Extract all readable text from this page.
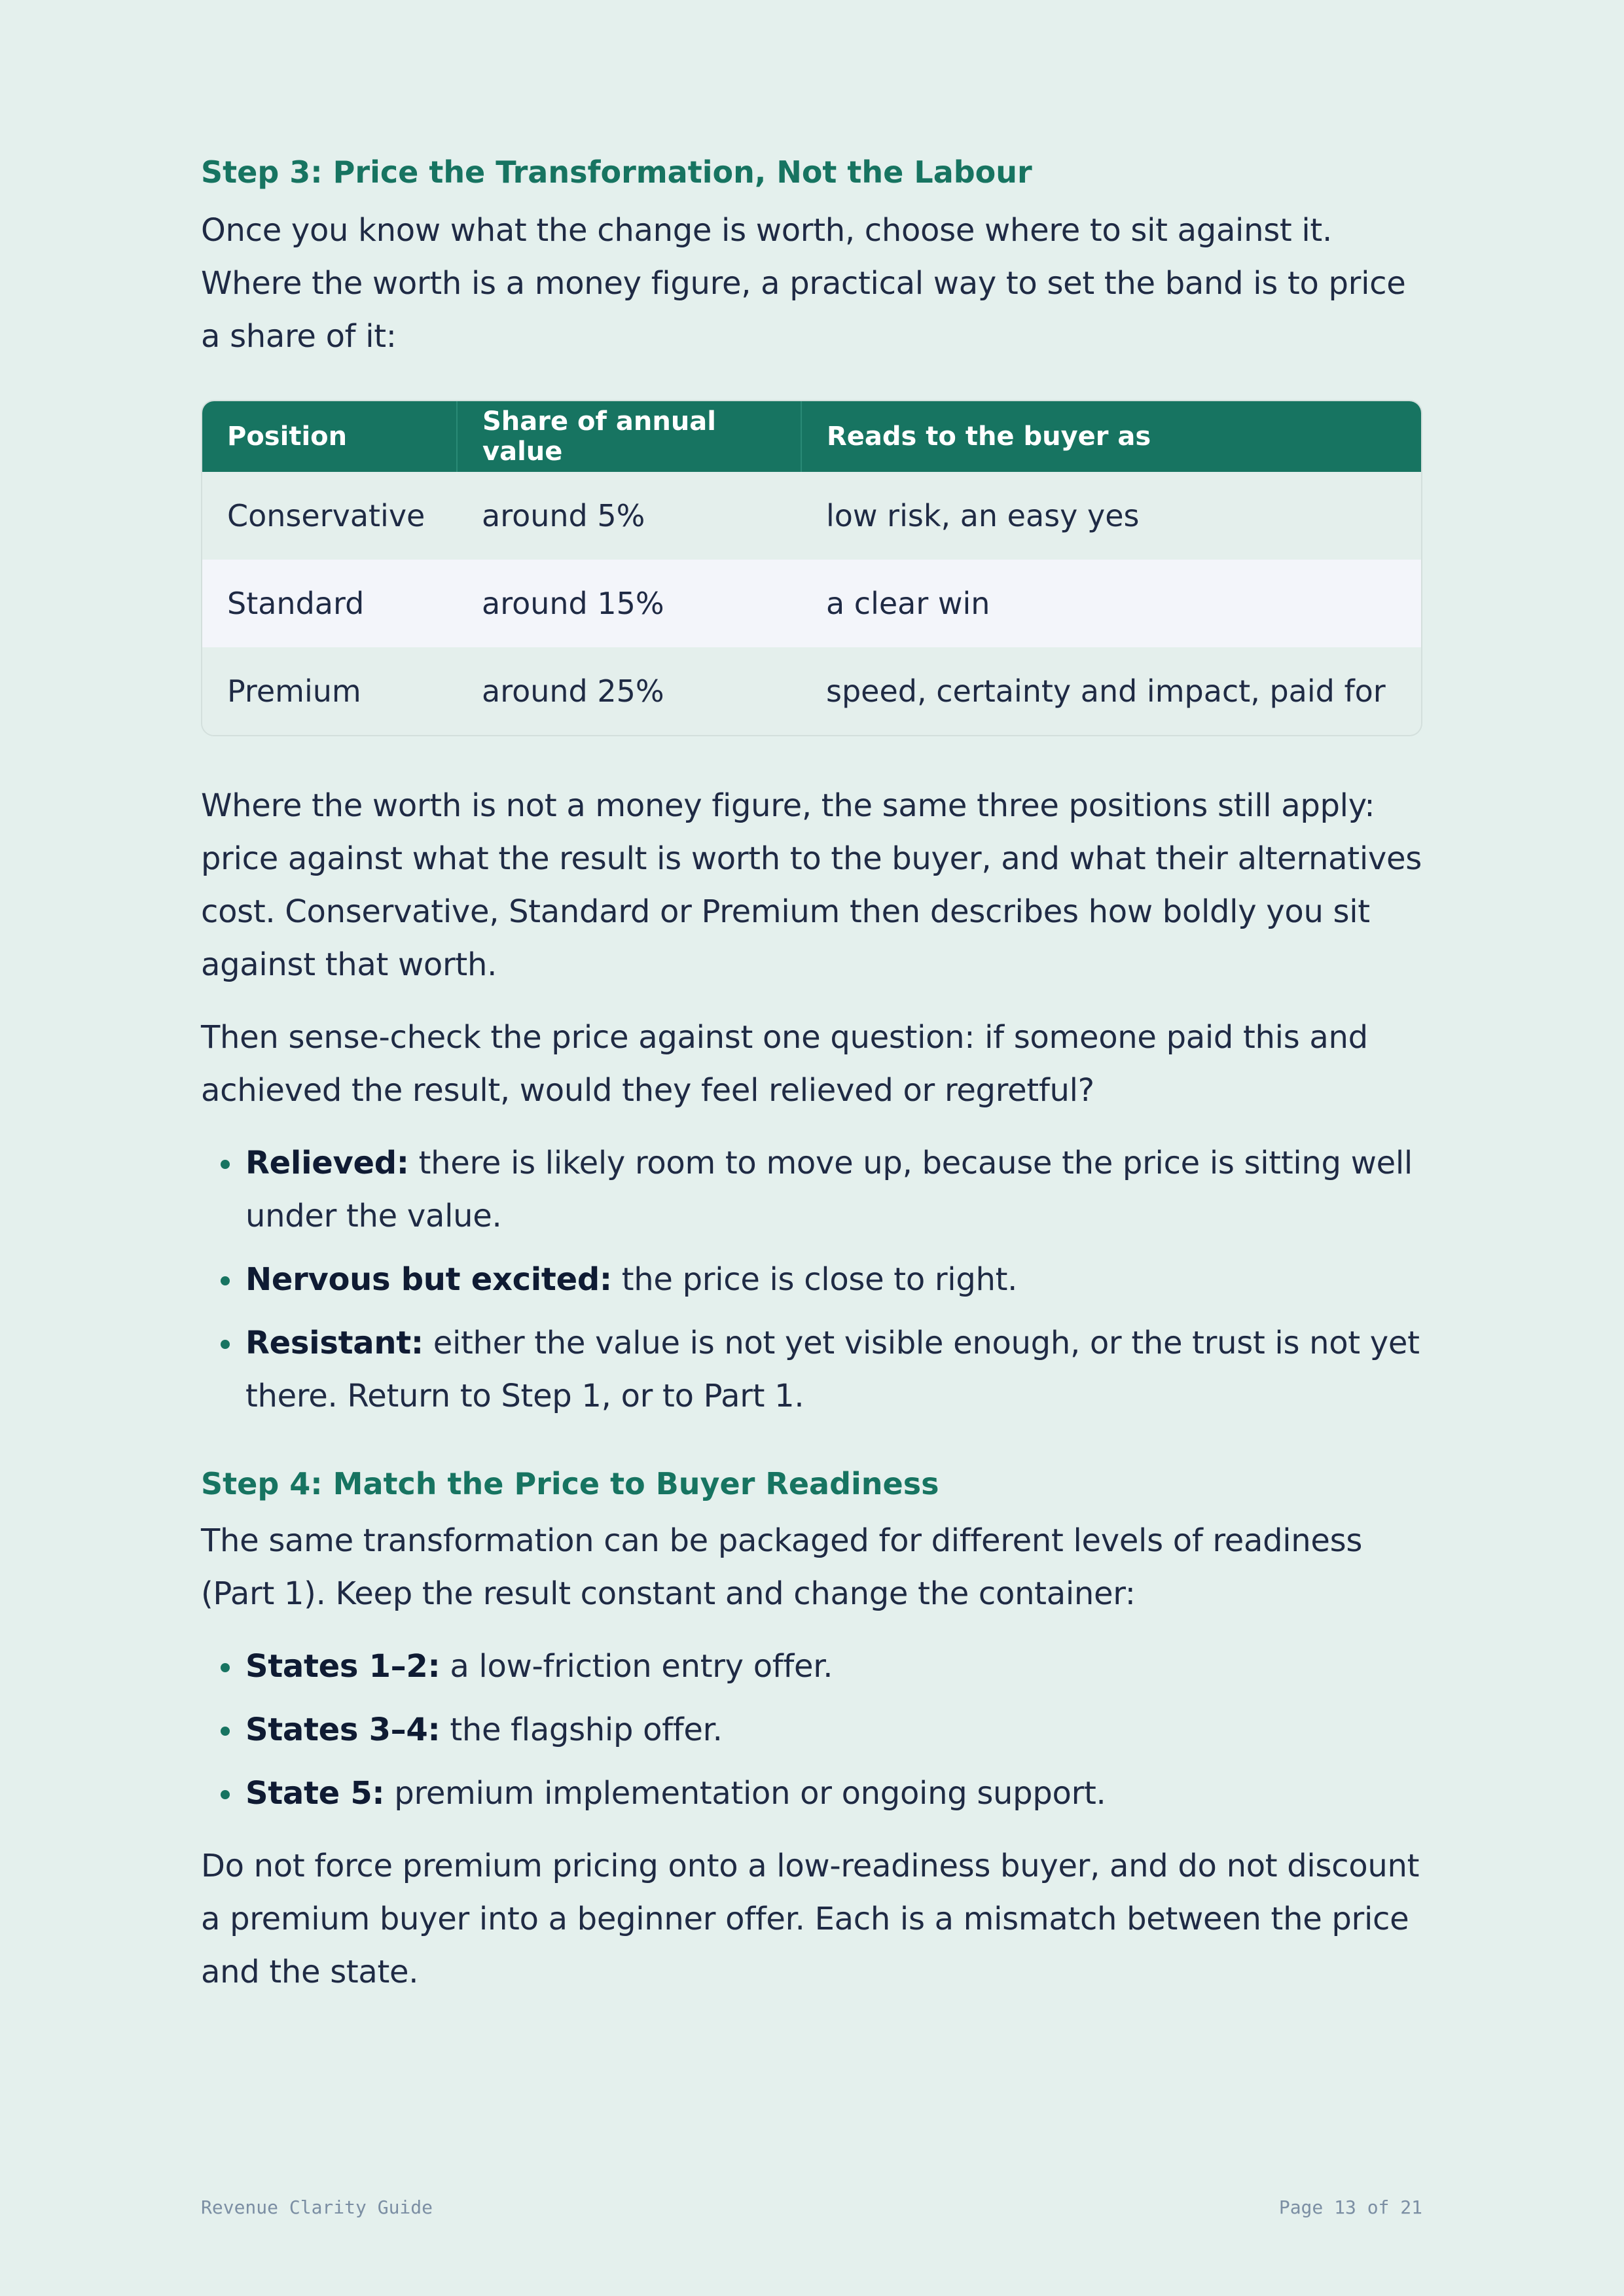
Step 3: Price the Transformation, Not the Labour

Once you know what the change is worth, choose where to sit against it. Where the worth is a money figure, a practical way to set the band is to price a share of it:

Position	Share of annual value	Reads to the buyer as
Conservative	around 5%	low risk, an easy yes
Standard	around 15%	a clear win
Premium	around 25%	speed, certainty and impact, paid for

Where the worth is not a money figure, the same three positions still apply: price against what the result is worth to the buyer, and what their alternatives cost. Conservative, Standard or Premium then describes how boldly you sit against that worth.

Then sense-check the price against one question: if someone paid this and achieved the result, would they feel relieved or regretful?

Relieved: there is likely room to move up, because the price is sitting well under the value.
Nervous but excited: the price is close to right.
Resistant: either the value is not yet visible enough, or the trust is not yet there. Return to Step 1, or to Part 1.
Step 4: Match the Price to Buyer Readiness

The same transformation can be packaged for different levels of readiness (Part 1). Keep the result constant and change the container:

States 1–2: a low-friction entry offer.
States 3–4: the flagship offer.
State 5: premium implementation or ongoing support.

Do not force premium pricing onto a low-readiness buyer, and do not discount a premium buyer into a beginner offer. Each is a mismatch between the price and the state.

Revenue Clarity Guide	Page 13 of 21
